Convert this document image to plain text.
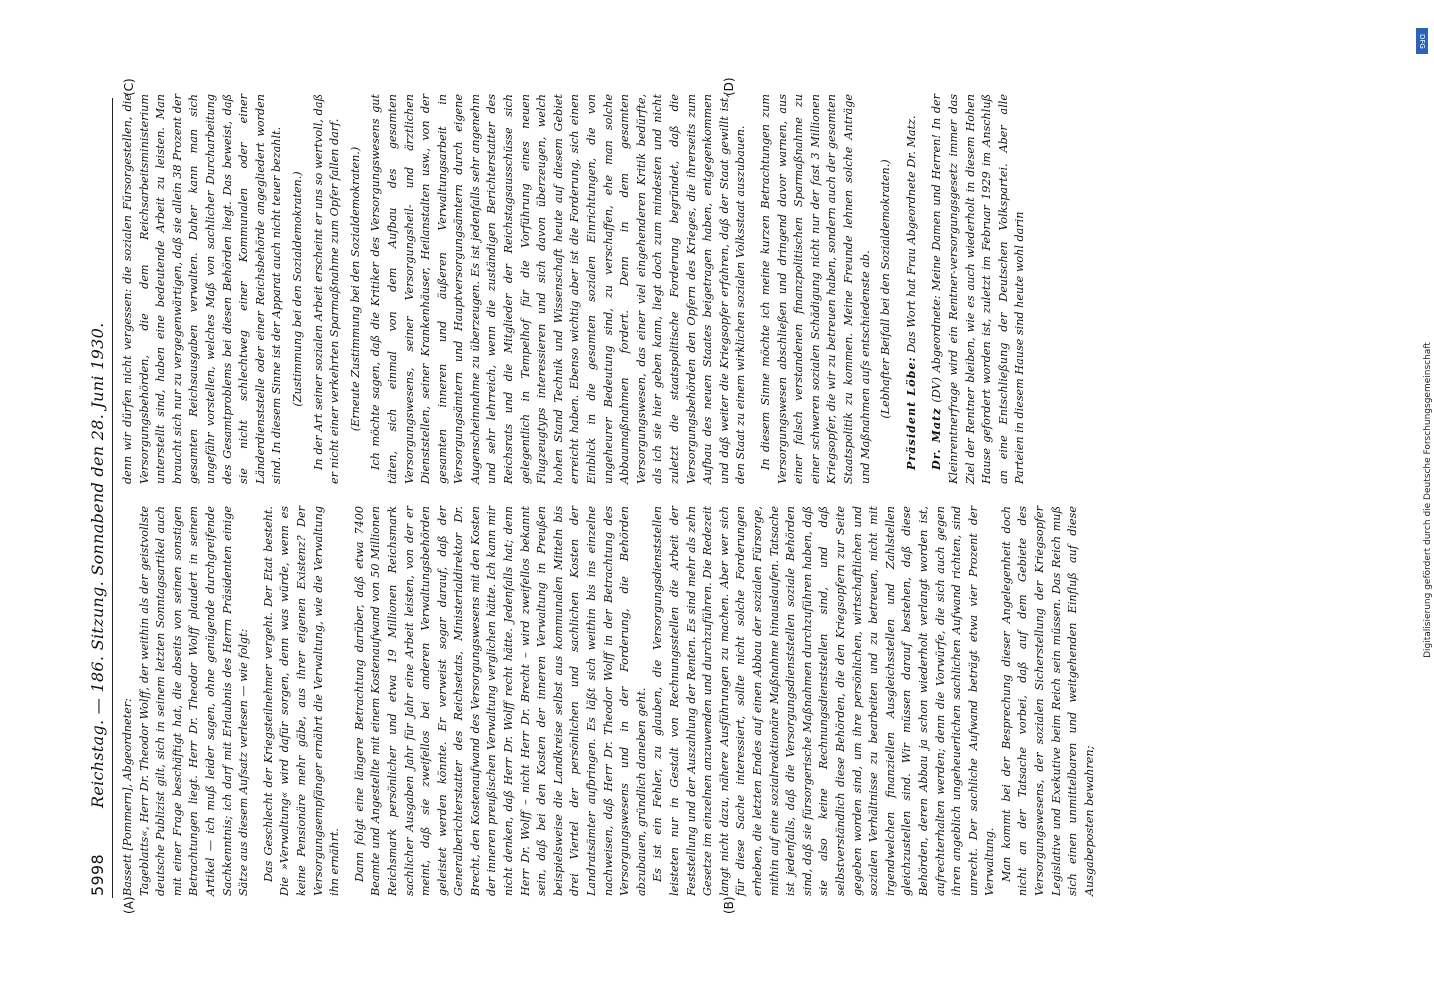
5998
Reichstag. — 186. Sitzung. Sonnabend den 28. Juni 1930.
(A)	(B)
(C)	(D)

Bassett [Pommern], Abgeordneter: Tageblatts«, Herr Dr. Theodor Wolff, der weithin als der geistvollste deutsche Publizist gilt, sich in seinem letzten Sonntagsartikel auch mit einer Frage beschäftigt hat, die abseits von seinen sonstigen Betrachtungen liegt. Herr Dr. Theodor Wolff plaudert in seinem Artikel — ich muß leider sagen, ohne genügende durchgreifende Sachkenntnis; ich darf mit Erlaubnis des Herrn Präsidenten einige Sätze aus diesem Aufsatz verlesen — wie folgt: Das Geschlecht der Kriegsteilnehmer vergeht. Der Etat besteht. Die »Verwaltung« wird dafür sorgen, denn was würde, wenn es keine Pensionäre mehr gäbe, aus ihrer eigenen Existenz? Der Versorgungsempfänger ernährt die Verwaltung, wie die Verwaltung ihn ernährt. Dann folgt eine längere Betrachtung darüber, daß etwa 7400 Beamte und Angestellte mit einem Kostenaufwand von 50 Millionen Reichsmark persönlicher und etwa 19 Millionen Reichsmark sachlicher Ausgaben Jahr für Jahr eine Arbeit leisten, von der er meint, daß sie zweifellos bei anderen Verwaltungsbehörden geleistet werden könnte. Er verweist sogar darauf, daß der Generalberichterstatter des Reichsetats, Ministerialdirektor Dr. Brecht, den Kostenaufwand des Versorgungswesens mit den Kosten der inneren preußischen Verwaltung verglichen hätte. Ich kann mir nicht denken, daß Herr Dr. Wolff recht hätte. Jedenfalls hat; denn Herr Dr. Wolff – nicht Herr Dr. Brecht – wird zweifellos bekannt sein, daß bei den Kosten der inneren Verwaltung in Preußen beispielsweise die Landkreise selbst aus kommunalen Mitteln bis drei Viertel der persönlichen und sachlichen Kosten der Landratsämter aufbringen. Es läßt sich weithin bis ins einzelne nachweisen, daß Herr Dr. Theodor Wolff in der Betrachtung des Versorgungswesens und in der Forderung, die Behörden abzubauen, gründlich daneben geht. Es ist ein Fehler, zu glauben, die Versorgungsdienststellen leisteten nur in Gestalt von Rechnungsstellen die Arbeit der Feststellung und der Auszahlung der Renten. Es sind mehr als zehn Gesetze im einzelnen anzuwenden und durchzuführen. Die Redezeit langt nicht dazu, nähere Ausführungen zu machen. Aber wer sich für diese Sache interessiert, sollte nicht solche Forderungen erheben, die letzten Endes auf einen Abbau der sozialen Fürsorge, mithin auf eine sozialreaktionäre Maßnahme hinauslaufen. Tatsache ist jedenfalls, daß die Versorgungsdienststellen soziale Behörden sind, daß sie fürsorgerische Maßnahmen durchzuführen haben, daß sie also keine Rechnungsdienststellen sind, und daß selbstverständlich diese Behörden, die den Kriegsopfern zur Seite gegeben worden sind, um ihre persönlichen, wirtschaftlichen und sozialen Verhältnisse zu bearbeiten und zu betreuen, nicht mit irgendwelchen finanziellen Ausgleichsstellen und Zahlstellen gleichzustellen sind. Wir müssen darauf bestehen, daß diese Behörden, deren Abbau ja schon wiederholt verlangt worden ist, aufrechterhalten werden; denn die Vorwürfe, die sich auch gegen ihren angeblich ungeheuerlichen sachlichen Aufwand richten, sind unrecht. Der sachliche Aufwand beträgt etwa vier Prozent der Verwaltung. Man kommt bei der Besprechung dieser Angelegenheit doch nicht an der Tatsache vorbei, daß auf dem Gebiete des Versorgungswesens, der sozialen Sicherstellung der Kriegsopfer Legislative und Exekutive beim Reich sein müssen. Das Reich muß sich einen unmittelbaren und weitgehenden Einfluß auf diese Ausgabeposten bewahren;

denn wir dürfen nicht vergessen: die sozialen Fürsorgestellen, die Versorgungsbehörden, die dem Reichsarbeitsministerium unterstellt sind, haben eine bedeutende Arbeit zu leisten. Man braucht sich nur zu vergegenwärtigen, daß sie allein 38 Prozent der gesamten Reichsausgaben verwalten. Daher kann man sich ungefähr vorstellen, welches Maß von sachlicher Durcharbeitung des Gesamtproblems bei diesen Behörden liegt. Das beweist, daß sie nicht schlechtweg einer Kommunalen oder einer Länderdienststelle oder einer Reichsbehörde angegliedert worden sind. In diesem Sinne ist der Apparat auch nicht teuer bezahlt. (Zustimmung bei den Sozialdemokraten.) In der Art seiner sozialen Arbeit erscheint er uns so wertvoll, daß er nicht einer verkehrten Sparmaßnahme zum Opfer fallen darf. (Erneute Zustimmung bei den Sozialdemokraten.) Ich möchte sagen, daß die Kritiker des Versorgungswesens gut täten, sich einmal von dem Aufbau des gesamten Versorgungswesens, seiner Versorgungsheil- und ärztlichen Dienststellen, seiner Krankenhäuser, Heilanstalten usw., von der gesamten inneren und äußeren Verwaltungsarbeit in Versorgungsämtern und Hauptversorgungsämtern durch eigene Augenscheinnahme zu überzeugen. Es ist jedenfalls sehr angenehm und sehr lehrreich, wenn die zuständigen Berichterstatter des Reichsrats und die Mitglieder der Reichstagsausschüsse sich gelegentlich in Tempelhof für die Vorführung eines neuen Flugzeugtyps interessieren und sich davon überzeugen, welch hohen Stand Technik und Wissenschaft heute auf diesem Gebiet erreicht haben. Ebenso wichtig aber ist die Forderung, sich einen Einblick in die gesamten sozialen Einrichtungen, die von ungeheurer Bedeutung sind, zu verschaffen, ehe man solche Abbaumaßnahmen fordert. Denn in dem gesamten Versorgungswesen, das einer viel eingehenderen Kritik bedürfte, als ich sie hier geben kann, liegt doch zum mindesten und nicht zuletzt die staatspolitische Forderung begründet, daß die Versorgungsbehörden den Opfern des Krieges, die ihrerseits zum Aufbau des neuen Staates beigetragen haben, entgegenkommen und daß weiter die Kriegsopfer erfahren, daß der Staat gewillt ist, den Staat zu einem wirklichen sozialen Volksstaat auszubauen. In diesem Sinne möchte ich meine kurzen Betrachtungen zum Versorgungswesen abschließen und dringend davor warnen, aus einer falsch verstandenen finanzpolitischen Sparmaßnahme zu einer schweren sozialen Schädigung nicht nur der fast 3 Millionen Kriegsopfer, die wir zu betreuen haben, sondern auch der gesamten Staatspolitik zu kommen. Meine Freunde lehnen solche Anträge und Maßnahmen aufs entschiedenste ab. (Lebhafter Beifall bei den Sozialdemokraten.) Präsident Löbe: Das Wort hat Frau Abgeordnete Dr. Matz.

Dr. Matz (DV) Abgeordnete: Meine Damen und Herren! In der Kleinrentnerfrage wird ein Rentner-versorgungsgesetz immer das Ziel der Rentner bleiben, wie es auch wiederholt in diesem Hohen Hause gefordert worden ist, zuletzt im Februar 1929 im Anschluß an eine Entschließung der Deutschen Volkspartei. Aber alle Parteien in diesem Hause sind heute wohl darin

DFG
Digitalisierung gefördert durch die Deutsche Forschungsgemeinschaft
